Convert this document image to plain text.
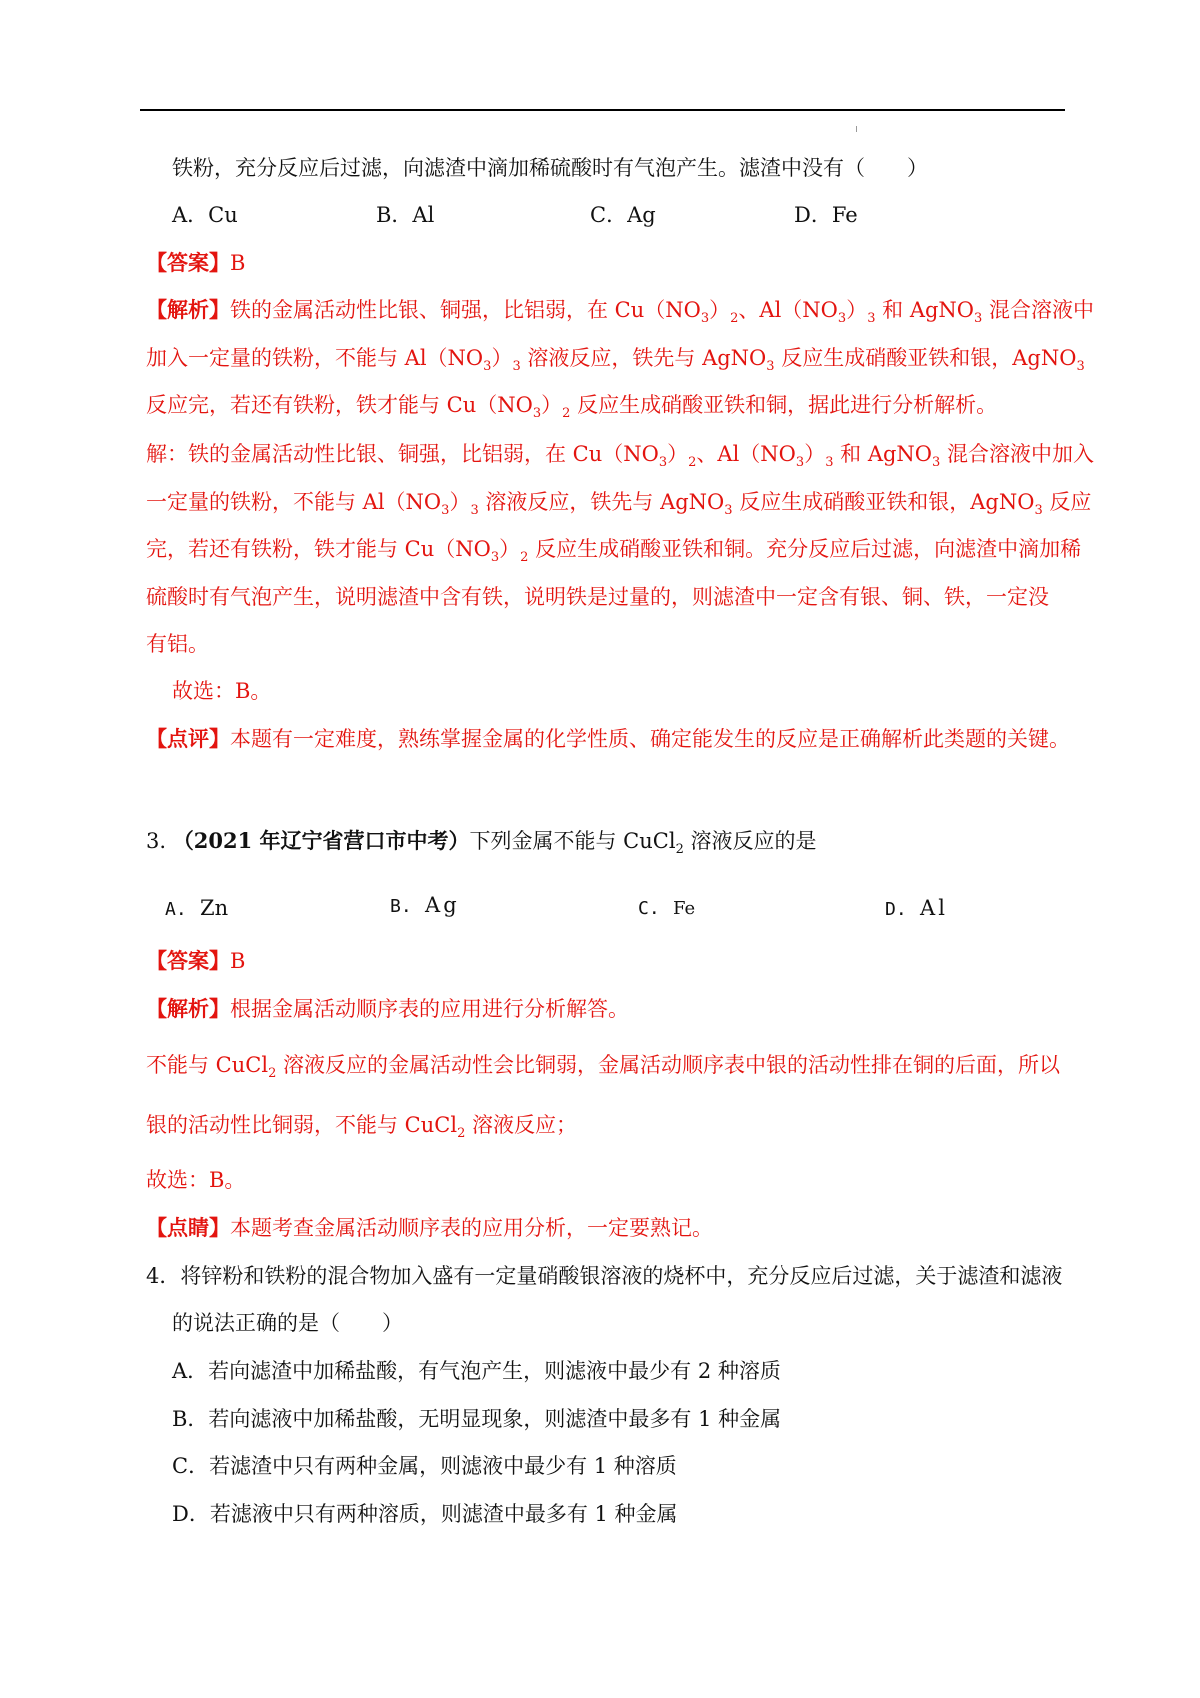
铁粉，充分反应后过滤，向滤渣中滴加稀硫酸时有气泡产生。滤渣中没有（　　）
A．Cu	B．Al	C．Ag	D．Fe
【答案】B
【解析】铁的金属活动性比银、铜强，比铝弱，在 $Cu(NO_3)_2$、$Al(NO_3)_3$ 和 AgNO$_3$ 混合溶液中
加入一定量的铁粉，不能与 $Al(NO_3)_3$ 溶液反应，铁先与 AgNO$_3$ 反应生成硝酸亚铁和银，AgNO$_3$
反应完，若还有铁粉，铁才能与 $Cu(NO_3)_2$ 反应生成硝酸亚铁和铜，据此进行分析解析。
解：铁的金属活动性比银、铜强，比铝弱，在 $Cu(NO_3)_2$、$Al(NO_3)_3$ 和 AgNO$_3$ 混合溶液中加入
一定量的铁粉，不能与 $Al(NO_3)_3$ 溶液反应，铁先与 AgNO$_3$ 反应生成硝酸亚铁和银，AgNO$_3$ 反应
完，若还有铁粉，铁才能与 $Cu(NO_3)_2$ 反应生成硝酸亚铁和铜。充分反应后过滤，向滤渣中滴加稀
硫酸时有气泡产生，说明滤渣中含有铁，说明铁是过量的，则滤渣中一定含有银、铜、铁，一定没
有铝。
故选：B。
【点评】本题有一定难度，熟练掌握金属的化学性质、确定能发生的反应是正确解析此类题的关键。
3. （2021 年辽宁省营口市中考）下列金属不能与 CuCl$_2$ 溶液反应的是
A. Zn	B. Ag	C. Fe	D. Al
【答案】B
【解析】根据金属活动顺序表的应用进行分析解答。
不能与 CuCl$_2$ 溶液反应的金属活动性会比铜弱，金属活动顺序表中银的活动性排在铜的后面，所以
银的活动性比铜弱，不能与 CuCl$_2$ 溶液反应；
故选：B。
【点睛】本题考查金属活动顺序表的应用分析，一定要熟记。
4．将锌粉和铁粉的混合物加入盛有一定量硝酸银溶液的烧杯中，充分反应后过滤，关于滤渣和滤液
的说法正确的是（　　）
A．若向滤渣中加稀盐酸，有气泡产生，则滤液中最少有 2 种溶质
B．若向滤液中加稀盐酸，无明显现象，则滤渣中最多有 1 种金属
C．若滤渣中只有两种金属，则滤液中最少有 1 种溶质
D．若滤液中只有两种溶质，则滤渣中最多有 1 种金属
